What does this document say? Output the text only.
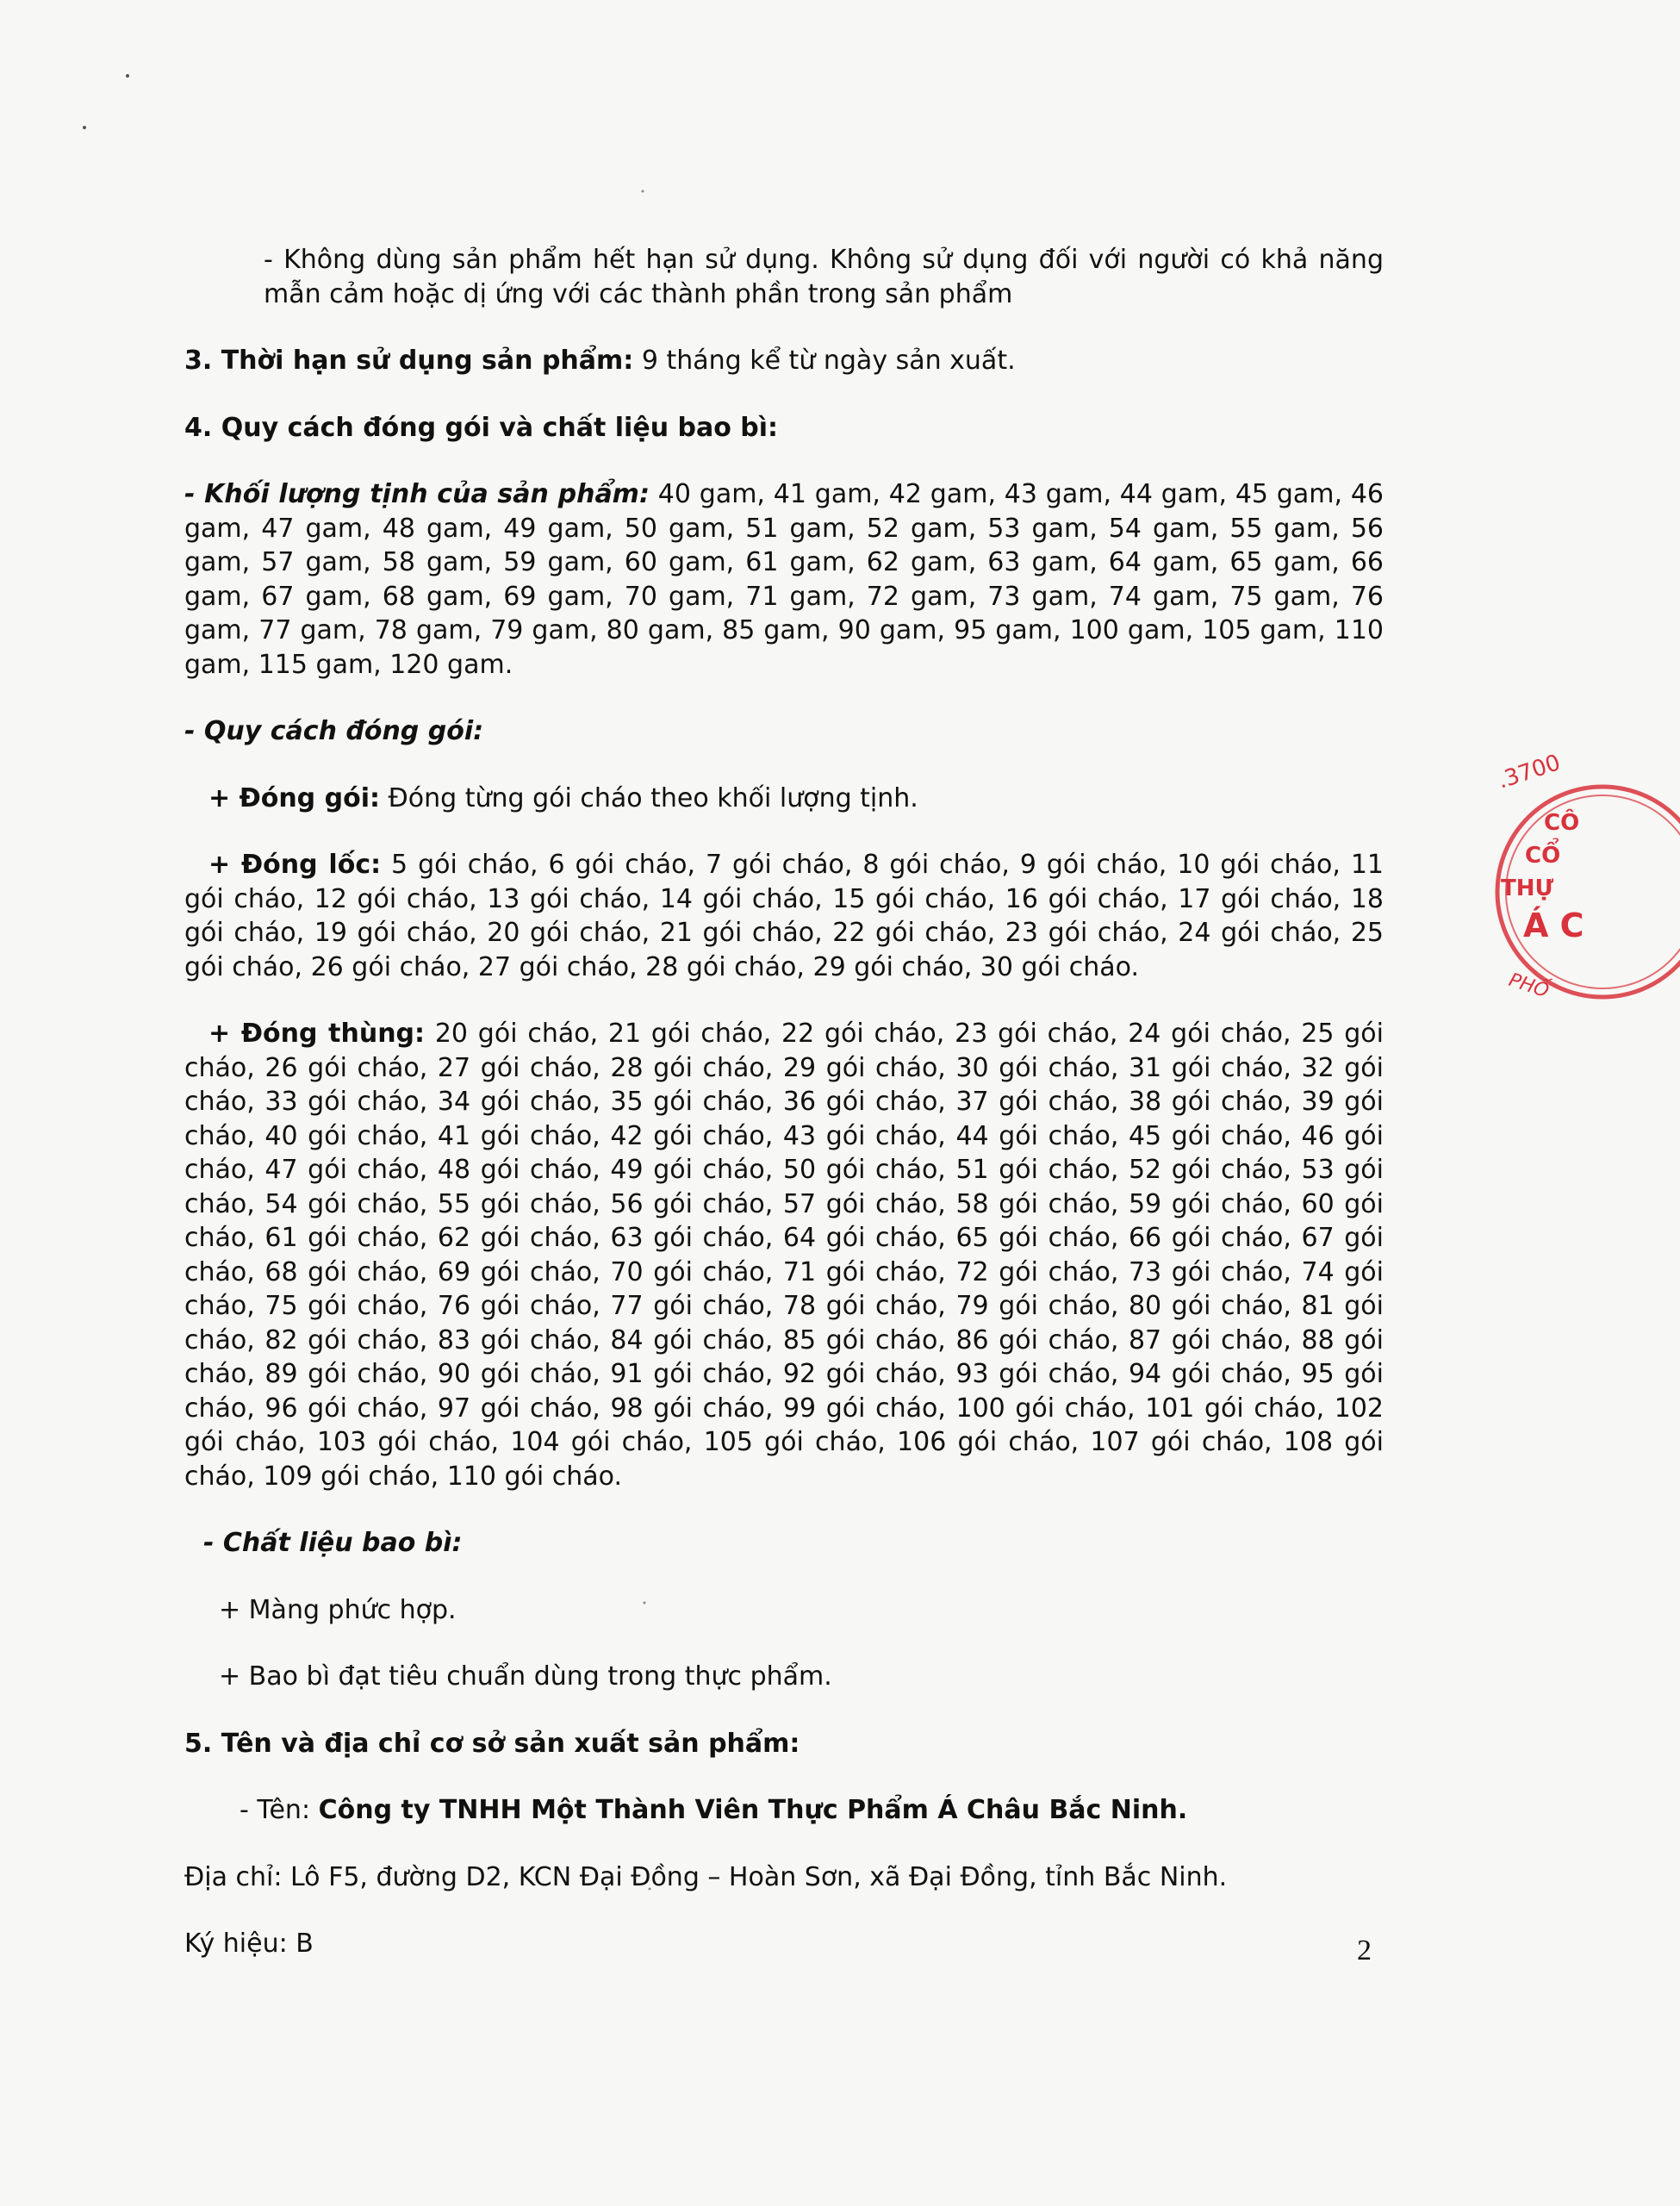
- Không dùng sản phẩm hết hạn sử dụng. Không sử dụng đối với người có khả năng mẫn cảm hoặc dị ứng với các thành phần trong sản phẩm

3. Thời hạn sử dụng sản phẩm: 9 tháng kể từ ngày sản xuất.

4. Quy cách đóng gói và chất liệu bao bì:

- Khối lượng tịnh của sản phẩm: 40 gam, 41 gam, 42 gam, 43 gam, 44 gam, 45 gam, 46 gam, 47 gam, 48 gam, 49 gam, 50 gam, 51 gam, 52 gam, 53 gam, 54 gam, 55 gam, 56 gam, 57 gam, 58 gam, 59 gam, 60 gam, 61 gam, 62 gam, 63 gam, 64 gam, 65 gam, 66 gam, 67 gam, 68 gam, 69 gam, 70 gam, 71 gam, 72 gam, 73 gam, 74 gam, 75 gam, 76 gam, 77 gam, 78 gam, 79 gam, 80 gam, 85 gam, 90 gam, 95 gam, 100 gam, 105 gam, 110 gam, 115 gam, 120 gam.

- Quy cách đóng gói:

+ Đóng gói: Đóng từng gói cháo theo khối lượng tịnh.

+ Đóng lốc: 5 gói cháo, 6 gói cháo, 7 gói cháo, 8 gói cháo, 9 gói cháo, 10 gói cháo, 11 gói cháo, 12 gói cháo, 13 gói cháo, 14 gói cháo, 15 gói cháo, 16 gói cháo, 17 gói cháo, 18 gói cháo, 19 gói cháo, 20 gói cháo, 21 gói cháo, 22 gói cháo, 23 gói cháo, 24 gói cháo, 25 gói cháo, 26 gói cháo, 27 gói cháo, 28 gói cháo, 29 gói cháo, 30 gói cháo.

+ Đóng thùng: 20 gói cháo, 21 gói cháo, 22 gói cháo, 23 gói cháo, 24 gói cháo, 25 gói cháo, 26 gói cháo, 27 gói cháo, 28 gói cháo, 29 gói cháo, 30 gói cháo, 31 gói cháo, 32 gói cháo, 33 gói cháo, 34 gói cháo, 35 gói cháo, 36 gói cháo, 37 gói cháo, 38 gói cháo, 39 gói cháo, 40 gói cháo, 41 gói cháo, 42 gói cháo, 43 gói cháo, 44 gói cháo, 45 gói cháo, 46 gói cháo, 47 gói cháo, 48 gói cháo, 49 gói cháo, 50 gói cháo, 51 gói cháo, 52 gói cháo, 53 gói cháo, 54 gói cháo, 55 gói cháo, 56 gói cháo, 57 gói cháo, 58 gói cháo, 59 gói cháo, 60 gói cháo, 61 gói cháo, 62 gói cháo, 63 gói cháo, 64 gói cháo, 65 gói cháo, 66 gói cháo, 67 gói cháo, 68 gói cháo, 69 gói cháo, 70 gói cháo, 71 gói cháo, 72 gói cháo, 73 gói cháo, 74 gói cháo, 75 gói cháo, 76 gói cháo, 77 gói cháo, 78 gói cháo, 79 gói cháo, 80 gói cháo, 81 gói cháo, 82 gói cháo, 83 gói cháo, 84 gói cháo, 85 gói cháo, 86 gói cháo, 87 gói cháo, 88 gói cháo, 89 gói cháo, 90 gói cháo, 91 gói cháo, 92 gói cháo, 93 gói cháo, 94 gói cháo, 95 gói cháo, 96 gói cháo, 97 gói cháo, 98 gói cháo, 99 gói cháo, 100 gói cháo, 101 gói cháo, 102 gói cháo, 103 gói cháo, 104 gói cháo, 105 gói cháo, 106 gói cháo, 107 gói cháo, 108 gói cháo, 109 gói cháo, 110 gói cháo.

- Chất liệu bao bì:

+ Màng phức hợp.

+ Bao bì đạt tiêu chuẩn dùng trong thực phẩm.

5. Tên và địa chỉ cơ sở sản xuất sản phẩm:

- Tên: Công ty TNHH Một Thành Viên Thực Phẩm Á Châu Bắc Ninh.

Địa chỉ: Lô F5, đường D2, KCN Đại Đồng – Hoàn Sơn, xã Đại Đồng, tỉnh Bắc Ninh.

Ký hiệu: B	2
.3700
CÔ
CỔ
THỰ
Á C
PHỐ
